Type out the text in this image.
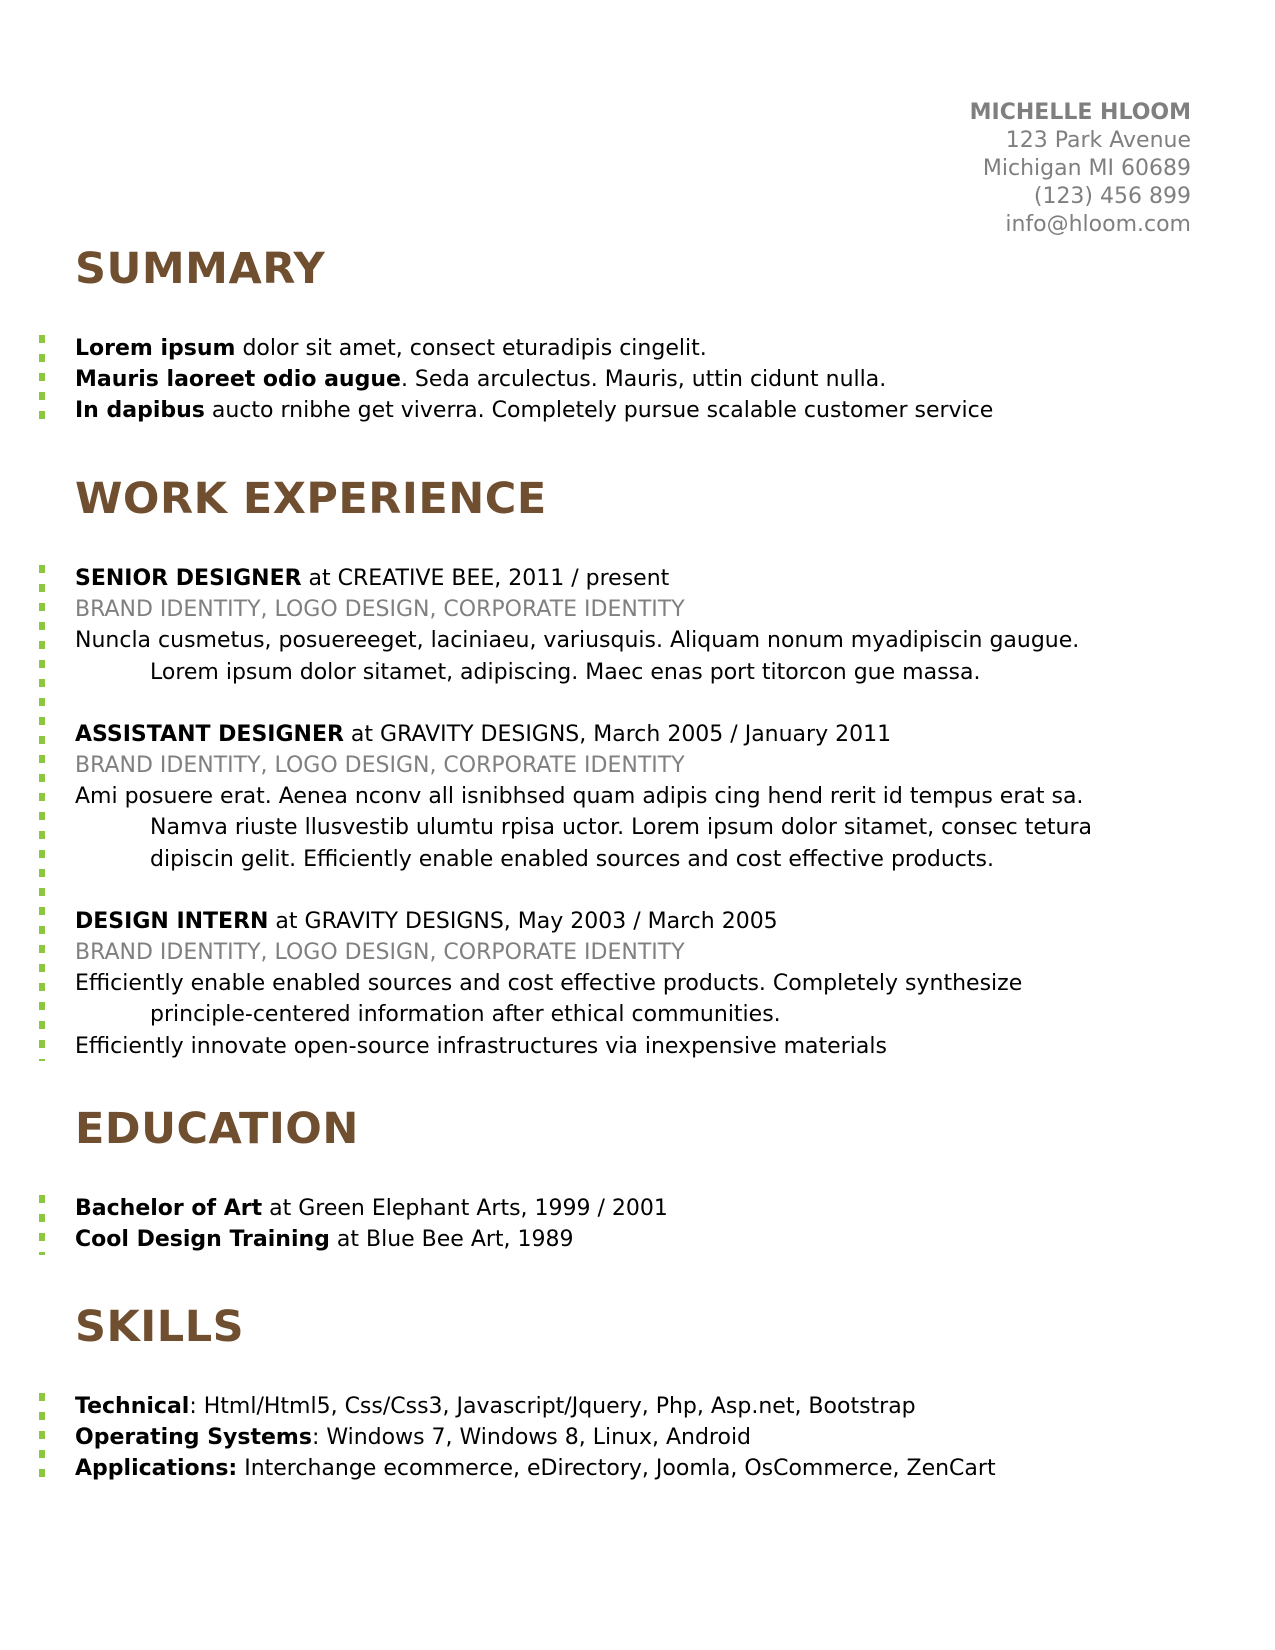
MICHELLE HLOOM
123 Park Avenue
Michigan MI 60689
(123) 456 899
info@hloom.com
SUMMARY
Lorem ipsum dolor sit amet, consect eturadipis cingelit.
Mauris laoreet odio augue. Seda arculectus. Mauris, uttin cidunt nulla.
In dapibus aucto rnibhe get viverra. Completely pursue scalable customer service
WORK EXPERIENCE
SENIOR DESIGNER at CREATIVE BEE, 2011 / present
BRAND IDENTITY, LOGO DESIGN, CORPORATE IDENTITY
Nuncla cusmetus, posuereeget, laciniaeu, variusquis. Aliquam nonum myadipiscin gaugue.
Lorem ipsum dolor sitamet, adipiscing. Maec enas port titorcon gue massa.
ASSISTANT DESIGNER at GRAVITY DESIGNS, March 2005 / January 2011
BRAND IDENTITY, LOGO DESIGN, CORPORATE IDENTITY
Ami posuere erat. Aenea nconv all isnibhsed quam adipis cing hend rerit id tempus erat sa.
Namva riuste llusvestib ulumtu rpisa uctor. Lorem ipsum dolor sitamet, consec tetura
dipiscin gelit. Efficiently enable enabled sources and cost effective products.
DESIGN INTERN at GRAVITY DESIGNS, May 2003 / March 2005
BRAND IDENTITY, LOGO DESIGN, CORPORATE IDENTITY
Efficiently enable enabled sources and cost effective products. Completely synthesize
principle-centered information after ethical communities.
Efficiently innovate open-source infrastructures via inexpensive materials
EDUCATION
Bachelor of Art at Green Elephant Arts, 1999 / 2001
Cool Design Training at Blue Bee Art, 1989
SKILLS
Technical: Html/Html5, Css/Css3, Javascript/Jquery, Php, Asp.net, Bootstrap
Operating Systems: Windows 7, Windows 8, Linux, Android
Applications: Interchange ecommerce, eDirectory, Joomla, OsCommerce, ZenCart
